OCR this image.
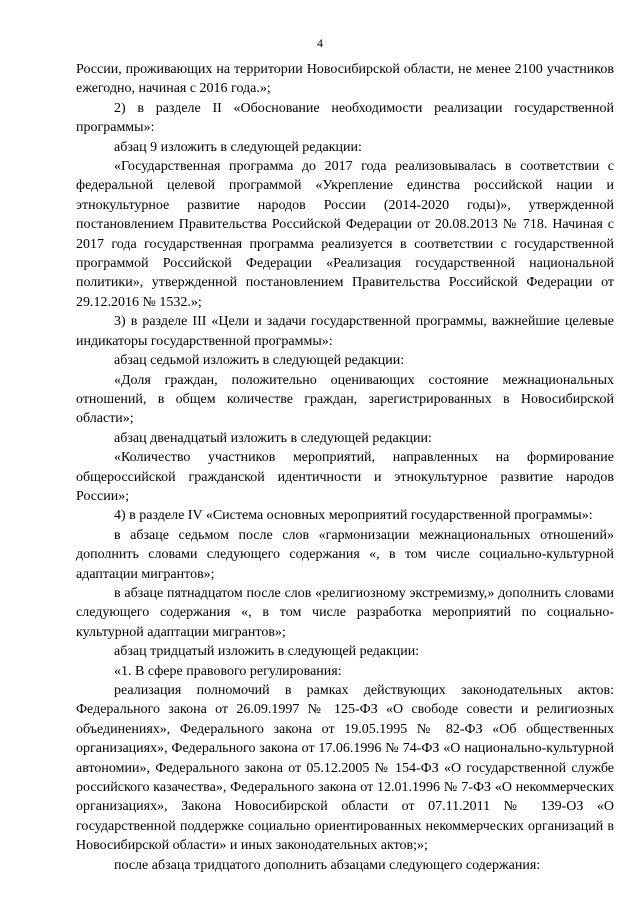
4

России, проживающих на территории Новосибирской области, не менее 2100 участников ежегодно, начиная с 2016 года.»;

2) в разделе II «Обоснование необходимости реализации государственной программы»:

абзац 9 изложить в следующей редакции:

«Государственная программа до 2017 года реализовывалась в соответствии с федеральной целевой программой «Укрепление единства российской нации и этнокультурное развитие народов России (2014-2020 годы)», утвержденной постановлением Правительства Российской Федерации от 20.08.2013 № 718. Начиная с 2017 года государственная программа реализуется в соответствии с государственной программой Российской Федерации «Реализация государственной национальной политики», утвержденной постановлением Правительства Российской Федерации от 29.12.2016 № 1532.»;

3) в разделе III «Цели и задачи государственной программы, важнейшие целевые индикаторы государственной программы»:

абзац седьмой изложить в следующей редакции:

«Доля граждан, положительно оценивающих состояние межнациональных отношений, в общем количестве граждан, зарегистрированных в Новосибирской области»;

абзац двенадцатый изложить в следующей редакции:

«Количество участников мероприятий, направленных на формирование общероссийской гражданской идентичности и этнокультурное развитие народов России»;

4) в разделе IV «Система основных мероприятий государственной программы»:

в абзаце седьмом после слов «гармонизации межнациональных отношений» дополнить словами следующего содержания «, в том числе социально-культурной адаптации мигрантов»;

в абзаце пятнадцатом после слов «религиозному экстремизму,» дополнить словами следующего содержания «, в том числе разработка мероприятий по социально-культурной адаптации мигрантов»;

абзац тридцатый изложить в следующей редакции:

«1. В сфере правового регулирования:

реализация полномочий в рамках действующих законодательных актов: Федерального закона от 26.09.1997 № 125-ФЗ «О свободе совести и религиозных объединениях», Федерального закона от 19.05.1995 № 82-ФЗ «Об общественных организациях», Федерального закона от 17.06.1996 № 74-ФЗ «О национально-культурной автономии», Федерального закона от 05.12.2005 № 154-ФЗ «О государственной службе российского казачества», Федерального закона от 12.01.1996 № 7-ФЗ «О некоммерческих организациях», Закона Новосибирской области от 07.11.2011 № 139-ОЗ «О государственной поддержке социально ориентированных некоммерческих организаций в Новосибирской области» и иных законодательных актов;»;

после абзаца тридцатого дополнить абзацами следующего содержания:
